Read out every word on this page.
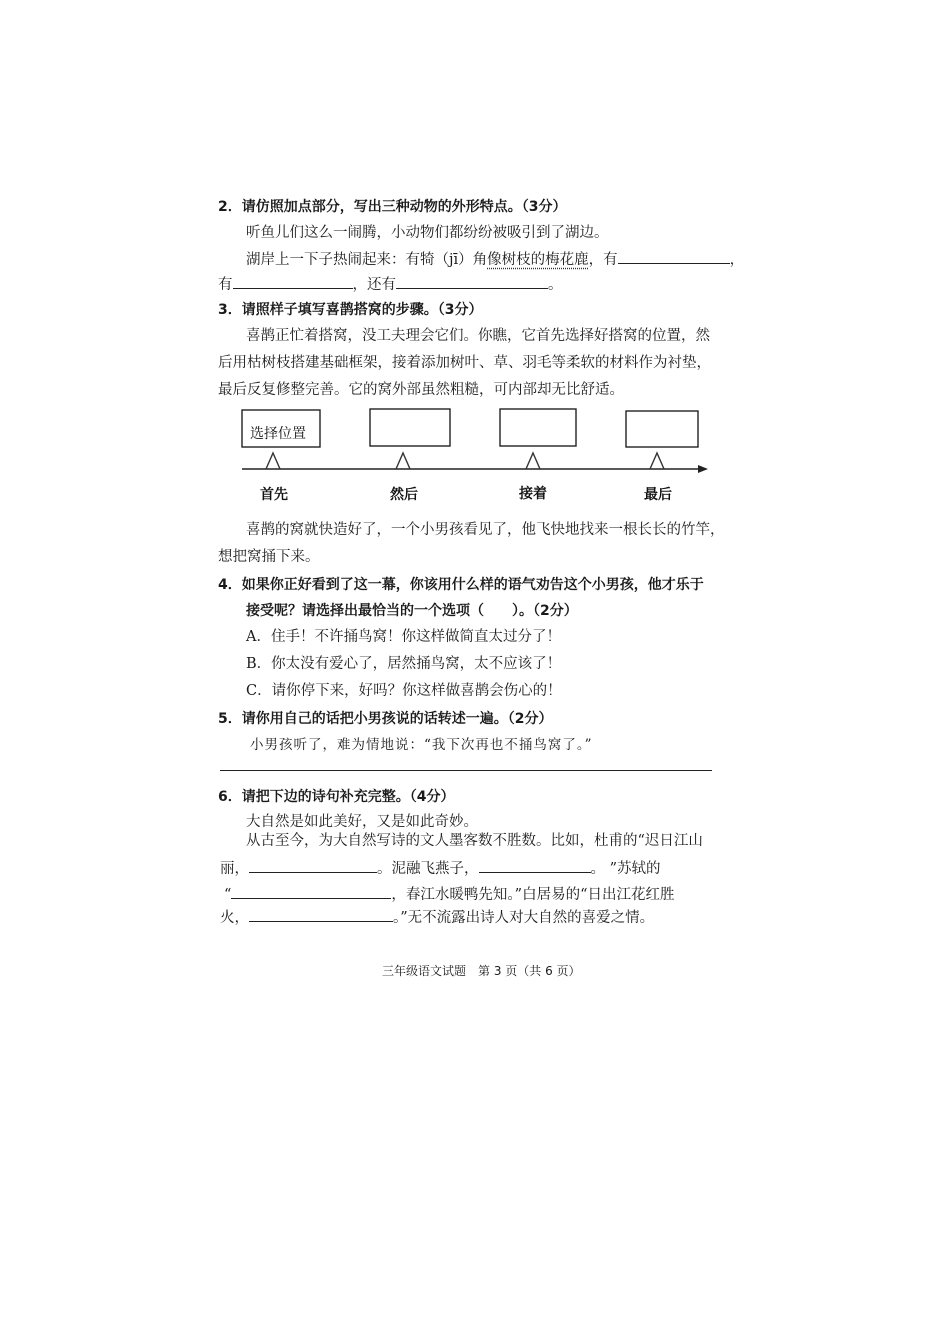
2．请仿照加点部分，写出三种动物的外形特点。（3分）
听鱼儿们这么一闹腾，小动物们都纷纷被吸引到了湖边。
湖岸上一下子热闹起来：有犄（jī）角像树枝的梅花鹿，有	，
有	，还有	。
3．请照样子填写喜鹊搭窝的步骤。（3分）
喜鹊正忙着搭窝，没工夫理会它们。你瞧，它首先选择好搭窝的位置，然
后用枯树枝搭建基础框架，接着添加树叶、草、羽毛等柔软的材料作为衬垫，
最后反复修整完善。它的窝外部虽然粗糙，可内部却无比舒适。
选择位置
首先	然后	接着	最后
喜鹊的窝就快造好了，一个小男孩看见了，他飞快地找来一根长长的竹竿，
想把窝捅下来。
4．如果你正好看到了这一幕，你该用什么样的语气劝告这个小男孩，他才乐于
接受呢？请选择出最恰当的一个选项（　　）。（2分）
A．住手！不许捅鸟窝！你这样做简直太过分了！
B．你太没有爱心了，居然捅鸟窝，太不应该了！
C．请你停下来，好吗？你这样做喜鹊会伤心的！
5．请你用自己的话把小男孩说的话转述一遍。（2分）
小男孩听了，难为情地说：“我下次再也不捅鸟窝了。”
6．请把下边的诗句补充完整。（4分）
大自然是如此美好，又是如此奇妙。
从古至今，为大自然写诗的文人墨客数不胜数。比如，杜甫的“迟日江山
丽，	。泥融飞燕子，	。 ”苏轼的
“	，春江水暖鸭先知。”白居易的“日出江花红胜
火，	。”无不流露出诗人对大自然的喜爱之情。
三年级语文试题　第 3 页（共 6 页）
